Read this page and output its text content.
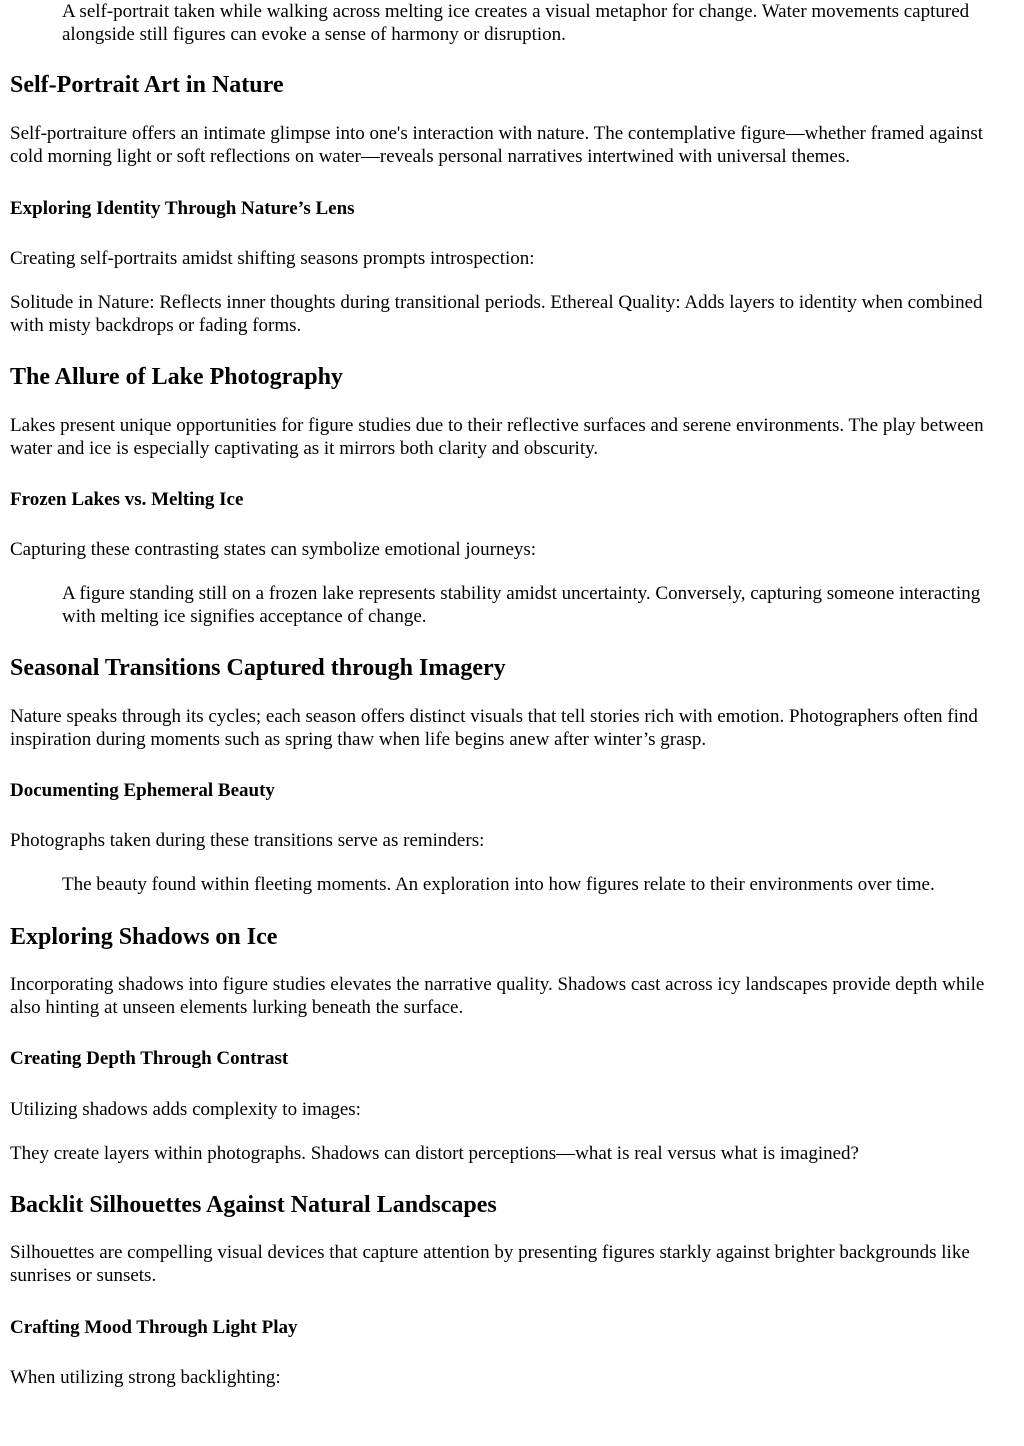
A self-portrait taken while walking across melting ice creates a visual metaphor for change. Water movements captured alongside still figures can evoke a sense of harmony or disruption.
Self-Portrait Art in Nature

Self-portraiture offers an intimate glimpse into one's interaction with nature. The contemplative figure—whether framed against cold morning light or soft reflections on water—reveals personal narratives intertwined with universal themes.

Exploring Identity Through Nature’s Lens

Creating self-portraits amidst shifting seasons prompts introspection:

Solitude in Nature: Reflects inner thoughts during transitional periods. Ethereal Quality: Adds layers to identity when combined with misty backdrops or fading forms.

The Allure of Lake Photography

Lakes present unique opportunities for figure studies due to their reflective surfaces and serene environments. The play between water and ice is especially captivating as it mirrors both clarity and obscurity.

Frozen Lakes vs. Melting Ice

Capturing these contrasting states can symbolize emotional journeys:

A figure standing still on a frozen lake represents stability amidst uncertainty. Conversely, capturing someone interacting with melting ice signifies acceptance of change.
Seasonal Transitions Captured through Imagery

Nature speaks through its cycles; each season offers distinct visuals that tell stories rich with emotion. Photographers often find inspiration during moments such as spring thaw when life begins anew after winter’s grasp.

Documenting Ephemeral Beauty

Photographs taken during these transitions serve as reminders:

The beauty found within fleeting moments. An exploration into how figures relate to their environments over time.
Exploring Shadows on Ice

Incorporating shadows into figure studies elevates the narrative quality. Shadows cast across icy landscapes provide depth while also hinting at unseen elements lurking beneath the surface.

Creating Depth Through Contrast

Utilizing shadows adds complexity to images:

They create layers within photographs. Shadows can distort perceptions—what is real versus what is imagined?

Backlit Silhouettes Against Natural Landscapes

Silhouettes are compelling visual devices that capture attention by presenting figures starkly against brighter backgrounds like sunrises or sunsets.

Crafting Mood Through Light Play

When utilizing strong backlighting:
